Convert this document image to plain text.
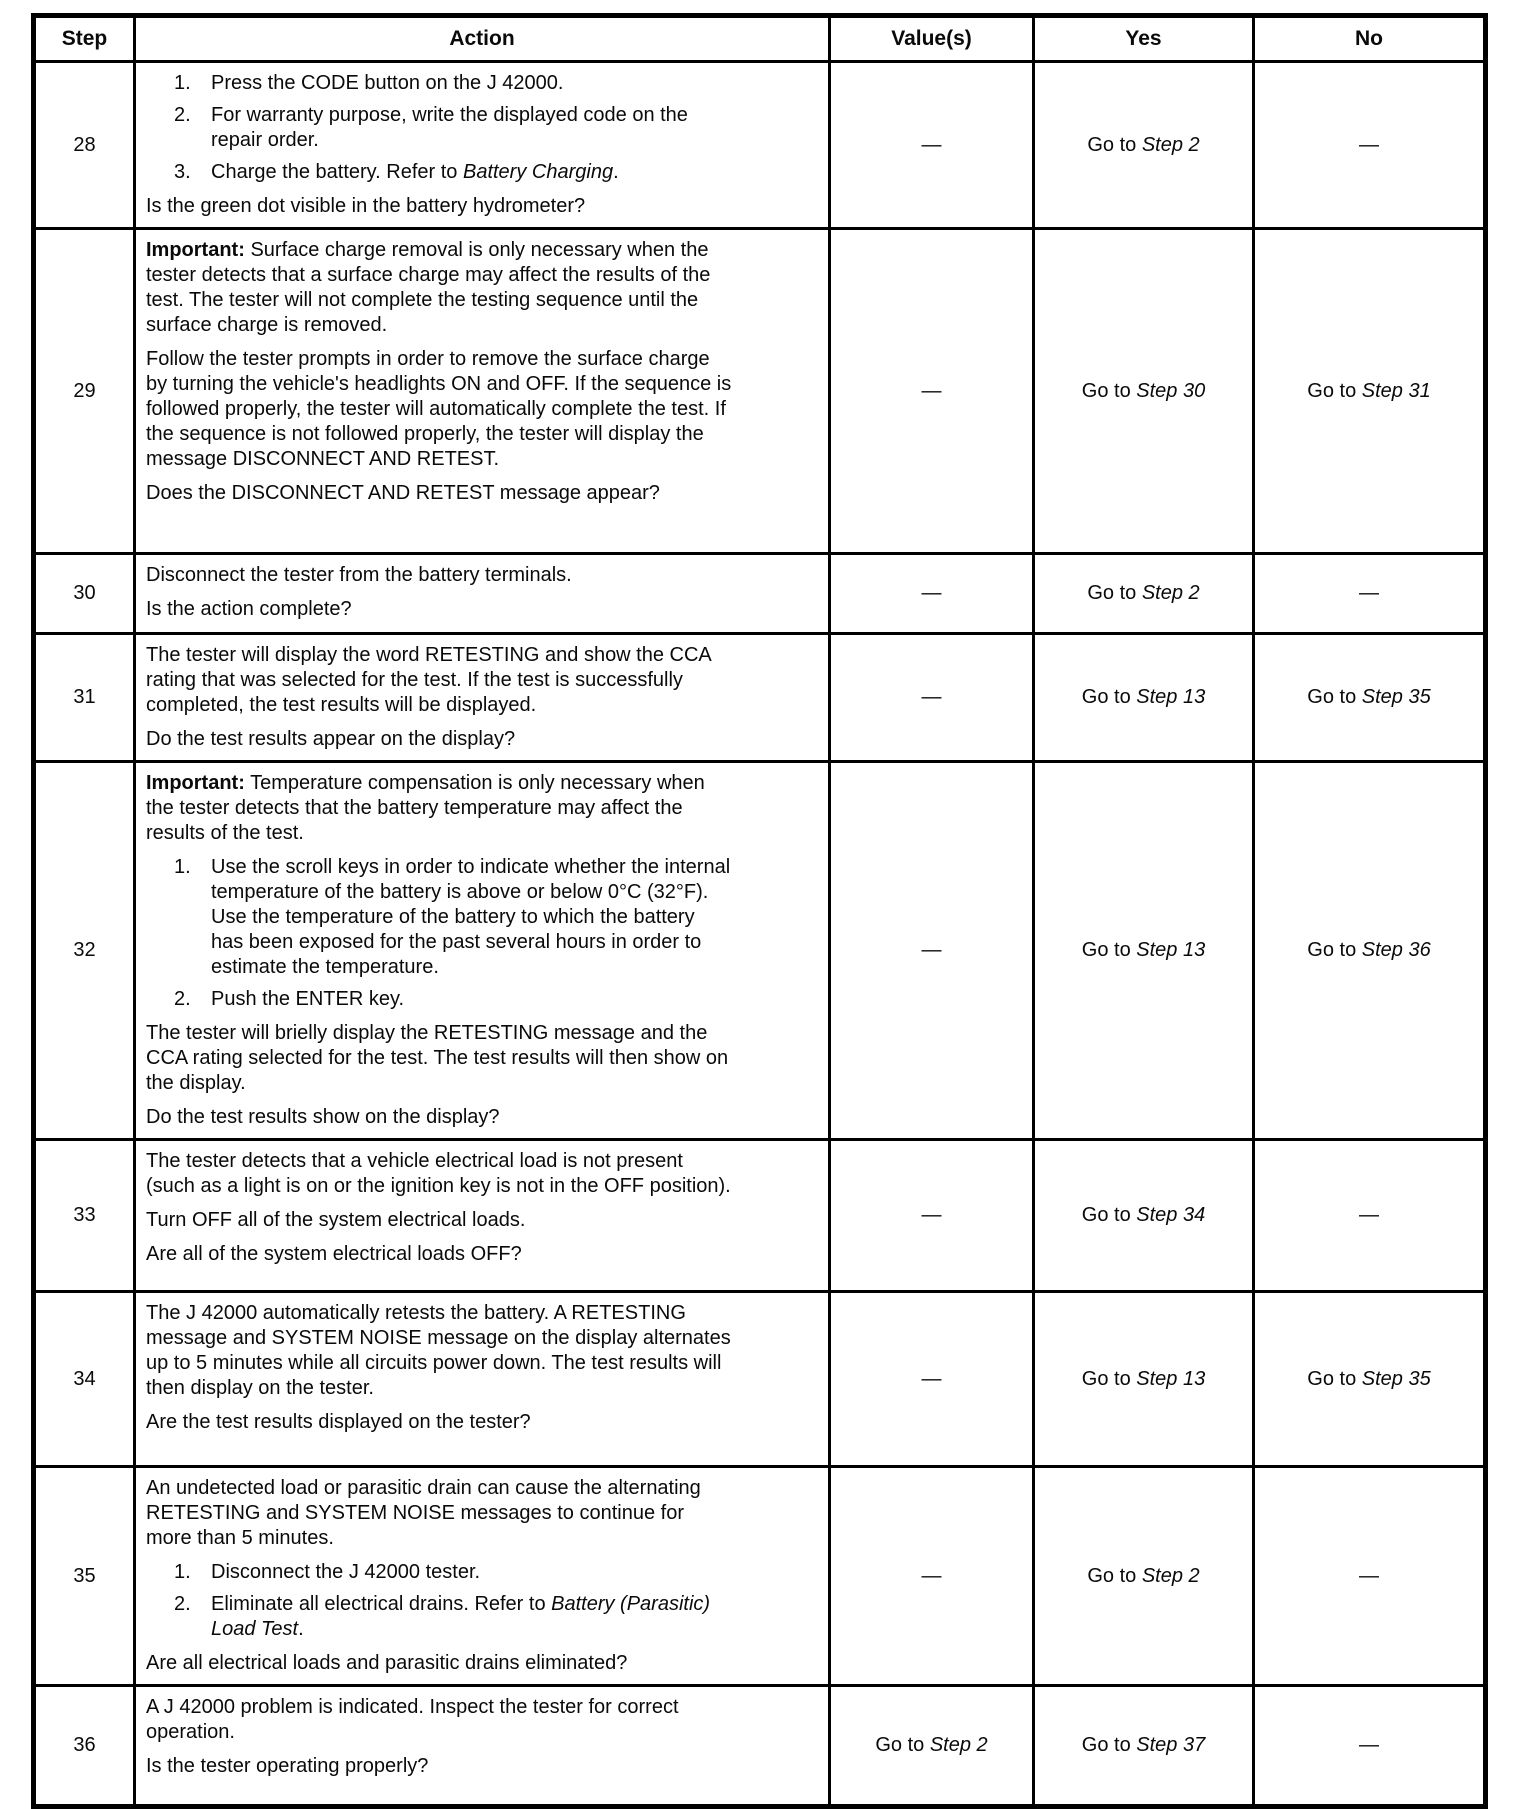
Step	Action	Value(s)	Yes	No
28
1.	Press the CODE button on the J 42000.
2.	For warranty purpose, write the displayed code on the repair order.
3.	Charge the battery. Refer to Battery Charging.
Is the green dot visible in the battery hydrometer?
—	Go to Step 2	—
29
Important: Surface charge removal is only necessary when the tester detects that a surface charge may affect the results of the test. The tester will not complete the testing sequence until the surface charge is removed.
Follow the tester prompts in order to remove the surface charge by turning the vehicle's headlights ON and OFF. If the sequence is followed properly, the tester will automatically complete the test. If the sequence is not followed properly, the tester will display the message DISCONNECT AND RETEST.
Does the DISCONNECT AND RETEST message appear?
—	Go to Step 30	Go to Step 31
30
Disconnect the tester from the battery terminals.
Is the action complete?
—	Go to Step 2	—
31
The tester will display the word RETESTING and show the CCA rating that was selected for the test. If the test is successfully completed, the test results will be displayed.
Do the test results appear on the display?
—	Go to Step 13	Go to Step 35
32
Important: Temperature compensation is only necessary when the tester detects that the battery temperature may affect the results of the test.
1.	Use the scroll keys in order to indicate whether the internal temperature of the battery is above or below 0°C (32°F). Use the temperature of the battery to which the battery has been exposed for the past several hours in order to estimate the temperature.
2.	Push the ENTER key.
The tester will brielly display the RETESTING message and the CCA rating selected for the test. The test results will then show on the display.
Do the test results show on the display?
—	Go to Step 13	Go to Step 36
33
The tester detects that a vehicle electrical load is not present (such as a light is on or the ignition key is not in the OFF position).
Turn OFF all of the system electrical loads.
Are all of the system electrical loads OFF?
—	Go to Step 34	—
34
The J 42000 automatically retests the battery. A RETESTING message and SYSTEM NOISE message on the display alternates up to 5 minutes while all circuits power down. The test results will then display on the tester.
Are the test results displayed on the tester?
—	Go to Step 13	Go to Step 35
35
An undetected load or parasitic drain can cause the alternating RETESTING and SYSTEM NOISE messages to continue for more than 5 minutes.
1.	Disconnect the J 42000 tester.
2.	Eliminate all electrical drains. Refer to Battery (Parasitic) Load Test.
Are all electrical loads and parasitic drains eliminated?
—	Go to Step 2	—
36
A J 42000 problem is indicated. Inspect the tester for correct operation.
Is the tester operating properly?
Go to Step 2	Go to Step 37	—
